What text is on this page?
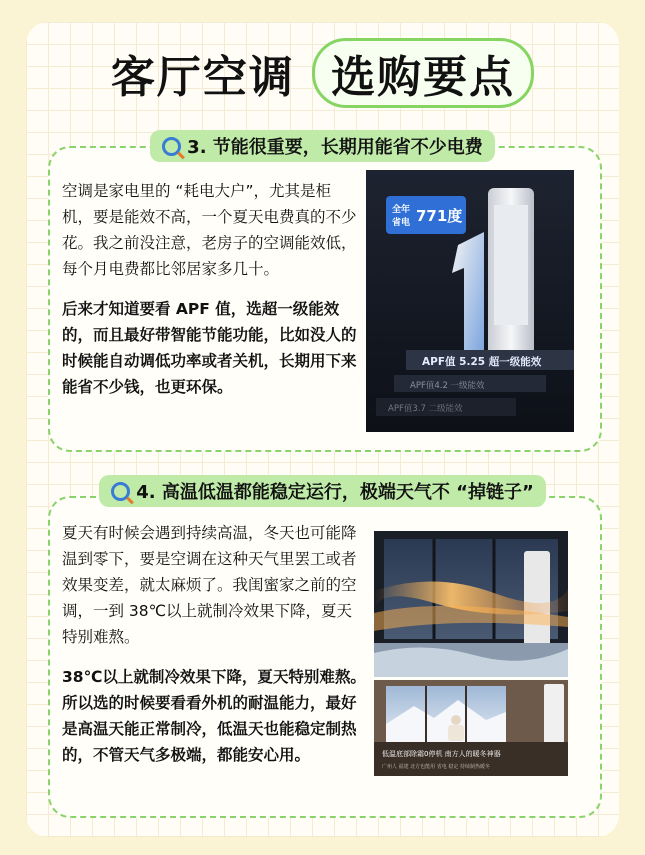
客厅空调 选购要点
3. 节能很重要，长期用能省不少电费

空调是家电里的 “耗电大户”，尤其是柜机，要是能效不高，一个夏天电费真的不少花。我之前没注意，老房子的空调能效低，每个月电费都比邻居家多几十。

后来才知道要看 APF 值，选超一级能效的，而且最好带智能节能功能，比如没人的时候能自动调低功率或者关机，长期用下来能省不少钱，也更环保。

全年
省电 771度
APF值 5.25 超一级能效
APF值4.2 一级能效
APF值3.7 二级能效
4. 高温低温都能稳定运行，极端天气不 “掉链子”

夏天有时候会遇到持续高温，冬天也可能降温到零下，要是空调在这种天气里罢工或者效果变差，就太麻烦了。我闺蜜家之前的空调，一到 38℃以上就制冷效果下降，夏天特别难熬。

38℃以上就制冷效果下降，夏天特别难熬。所以选的时候要看看外机的耐温能力，最好是高温天能正常制冷，低温天也能稳定制热的，不管天气多极端，都能安心用。	低温底部除霜0停机 南方人的暖冬神器
广州人 福建 北方也能用 省电 稳定 持续制热暖冬
